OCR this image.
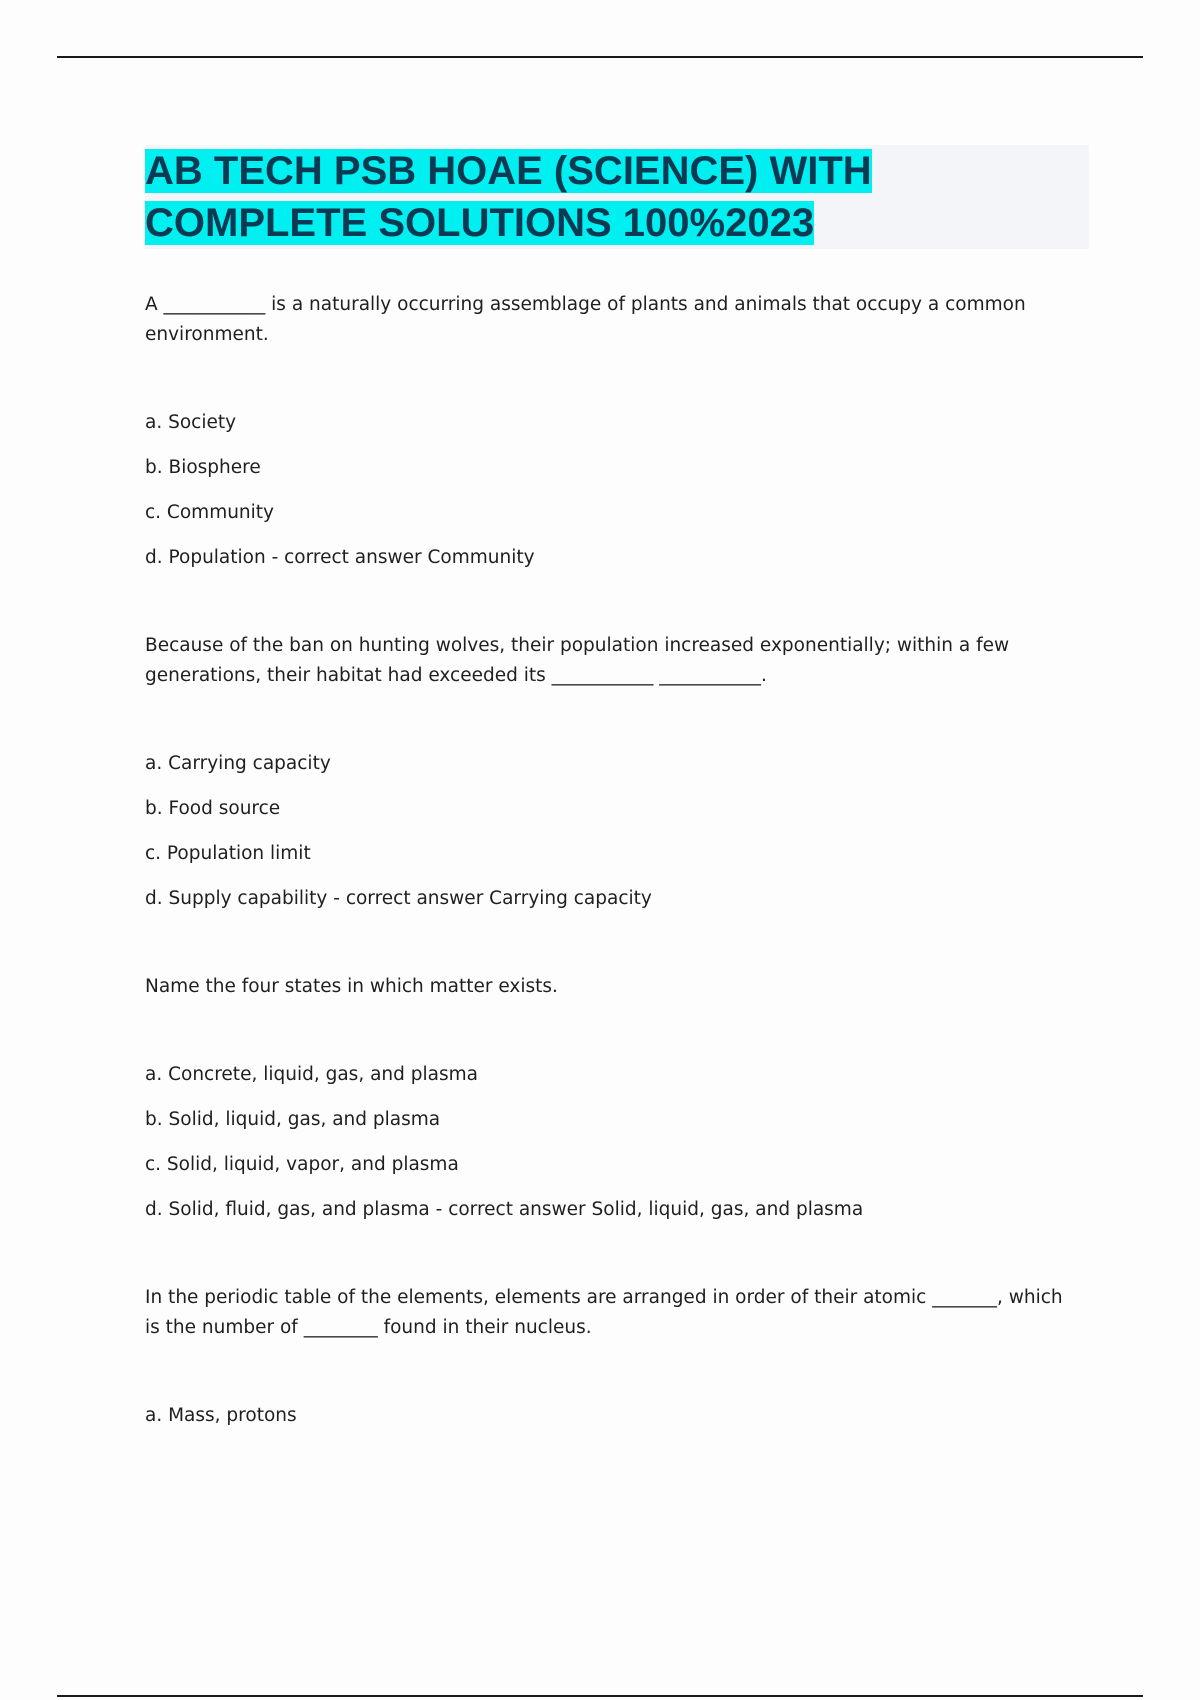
AB TECH PSB HOAE (SCIENCE) WITH COMPLETE SOLUTIONS 100%2023

A ___________ is a naturally occurring assemblage of plants and animals that occupy a common environment.

a. Society
b. Biosphere
c. Community
d. Population - correct answer Community

Because of the ban on hunting wolves, their population increased exponentially; within a few generations, their habitat had exceeded its ___________ ___________.

a. Carrying capacity
b. Food source
c. Population limit
d. Supply capability - correct answer Carrying capacity

Name the four states in which matter exists.

a. Concrete, liquid, gas, and plasma
b. Solid, liquid, gas, and plasma
c. Solid, liquid, vapor, and plasma
d. Solid, fluid, gas, and plasma - correct answer Solid, liquid, gas, and plasma

In the periodic table of the elements, elements are arranged in order of their atomic _______, which is the number of ________ found in their nucleus.

a. Mass, protons
